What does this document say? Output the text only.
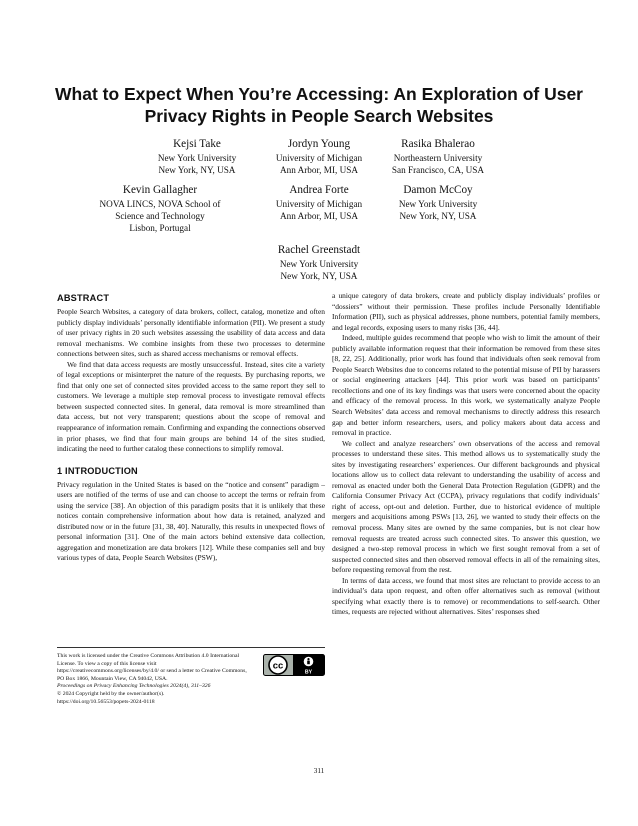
What to Expect When You’re Accessing: An Exploration of User Privacy Rights in People Search Websites
Kejsi Take
New York University
New York, NY, USA
Jordyn Young
University of Michigan
Ann Arbor, MI, USA
Rasika Bhalerao
Northeastern University
San Francisco, CA, USA
Kevin Gallagher
NOVA LINCS, NOVA School of Science and Technology
Lisbon, Portugal
Andrea Forte
University of Michigan
Ann Arbor, MI, USA
Damon McCoy
New York University
New York, NY, USA
Rachel Greenstadt
New York University
New York, NY, USA
ABSTRACT

People Search Websites, a category of data brokers, collect, catalog, monetize and often publicly display individuals’ personally identifiable information (PII). We present a study of user privacy rights in 20 such websites assessing the usability of data access and data removal mechanisms. We combine insights from these two processes to determine connections between sites, such as shared access mechanisms or removal effects.

We find that data access requests are mostly unsuccessful. Instead, sites cite a variety of legal exceptions or misinterpret the nature of the requests. By purchasing reports, we find that only one set of connected sites provided access to the same report they sell to customers. We leverage a multiple step removal process to investigate removal effects between suspected connected sites. In general, data removal is more streamlined than data access, but not very transparent; questions about the scope of removal and reappearance of information remain. Confirming and expanding the connections observed in prior phases, we find that four main groups are behind 14 of the sites studied, indicating the need to further catalog these connections to simplify removal.

1 INTRODUCTION

Privacy regulation in the United States is based on the “notice and consent” paradigm – users are notified of the terms of use and can choose to accept the terms or refrain from using the service [38]. An objection of this paradigm posits that it is unlikely that these notices contain comprehensive information about how data is retained, analyzed and distributed now or in the future [31, 38, 40]. Naturally, this results in unexpected flows of personal information [31]. One of the main actors behind extensive data collection, aggregation and monetization are data brokers [12]. While these companies sell and buy various types of data, People Search Websites (PSW),

This work is licensed under the Creative Commons Attribution 4.0 International License. To view a copy of this license visit https://creativecommons.org/licenses/by/4.0/ or send a letter to Creative Commons, PO Box 1866, Mountain View, CA 94042, USA.
Proceedings on Privacy Enhancing Technologies 2024(4), 311–326
© 2024 Copyright held by the owner/author(s).
https://doi.org/10.56553/popets-2024-0118
cc
BY

a unique category of data brokers, create and publicly display individuals’ profiles or “dossiers” without their permission. These profiles include Personally Identifiable Information (PII), such as physical addresses, phone numbers, potential family members, and legal records, exposing users to many risks [36, 44].

Indeed, multiple guides recommend that people who wish to limit the amount of their publicly available information request that their information be removed from these sites [8, 22, 25]. Additionally, prior work has found that individuals often seek removal from People Search Websites due to concerns related to the potential misuse of PII by harassers or social engineering attackers [44]. This prior work was based on participants’ recollections and one of its key findings was that users were concerned about the opacity and efficacy of the removal process. In this work, we systematically analyze People Search Websites’ data access and removal mechanisms to directly address this research gap and better inform researchers, users, and policy makers about data access and removal in practice.

We collect and analyze researchers’ own observations of the access and removal processes to understand these sites. This method allows us to systematically study the sites by investigating researchers’ experiences. Our different backgrounds and physical locations allow us to collect data relevant to understanding the usability of access and removal as enacted under both the General Data Protection Regulation (GDPR) and the California Consumer Privacy Act (CCPA), privacy regulations that codify individuals’ right of access, opt-out and deletion. Further, due to historical evidence of multiple mergers and acquisitions among PSWs [13, 26], we wanted to study their effects on the removal process. Many sites are owned by the same companies, but is not clear how removal requests are treated across such connected sites. To answer this question, we designed a two-step removal process in which we first sought removal from a set of suspected connected sites and then observed removal effects in all of the remaining sites, before requesting removal from the rest.

In terms of data access, we found that most sites are reluctant to provide access to an individual’s data upon request, and often offer alternatives such as removal (without specifying what exactly there is to remove) or recommendations to self-search. Other times, requests are rejected without alternatives. Sites’ responses shed

311
